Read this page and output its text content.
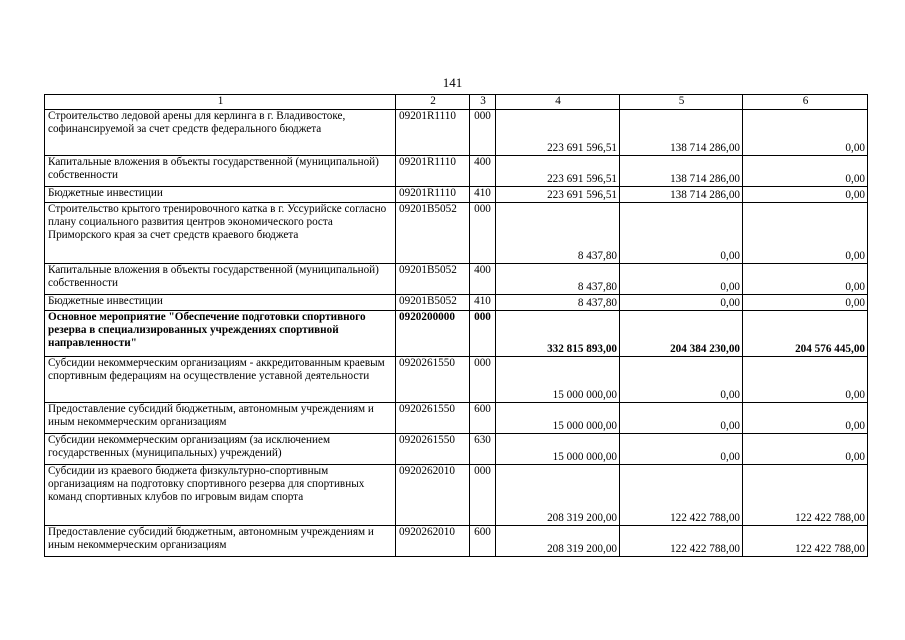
141
1	2	3	4	5	6
Строительство ледовой арены для керлинга в г. Владивостоке, софинансируемой за счет средств федерального бюджета	09201R1110	000	223 691 596,51	138 714 286,00	0,00
Капитальные вложения в объекты государственной (муниципальной) собственности	09201R1110	400	223 691 596,51	138 714 286,00	0,00
Бюджетные инвестиции	09201R1110	410	223 691 596,51	138 714 286,00	0,00
Строительство крытого тренировочного катка в г. Уссурийске согласно плану социального развития центров экономического роста Приморского края за счет средств краевого бюджета	09201B5052	000	8 437,80	0,00	0,00
Капитальные вложения в объекты государственной (муниципальной) собственности	09201B5052	400	8 437,80	0,00	0,00
Бюджетные инвестиции	09201B5052	410	8 437,80	0,00	0,00
Основное мероприятие "Обеспечение подготовки спортивного резерва в специализированных учреждениях спортивной направленности"	0920200000	000	332 815 893,00	204 384 230,00	204 576 445,00
Субсидии некоммерческим организациям - аккредитованным краевым спортивным федерациям на осуществление уставной деятельности	0920261550	000	15 000 000,00	0,00	0,00
Предоставление субсидий бюджетным, автономным учреждениям и иным некоммерческим организациям	0920261550	600	15 000 000,00	0,00	0,00
Субсидии некоммерческим организациям (за исключением государственных (муниципальных) учреждений)	0920261550	630	15 000 000,00	0,00	0,00
Субсидии из краевого бюджета физкультурно-спортивным организациям на подготовку спортивного резерва для спортивных команд спортивных клубов по игровым видам спорта	0920262010	000	208 319 200,00	122 422 788,00	122 422 788,00
Предоставление субсидий бюджетным, автономным учреждениям и иным некоммерческим организациям	0920262010	600	208 319 200,00	122 422 788,00	122 422 788,00
